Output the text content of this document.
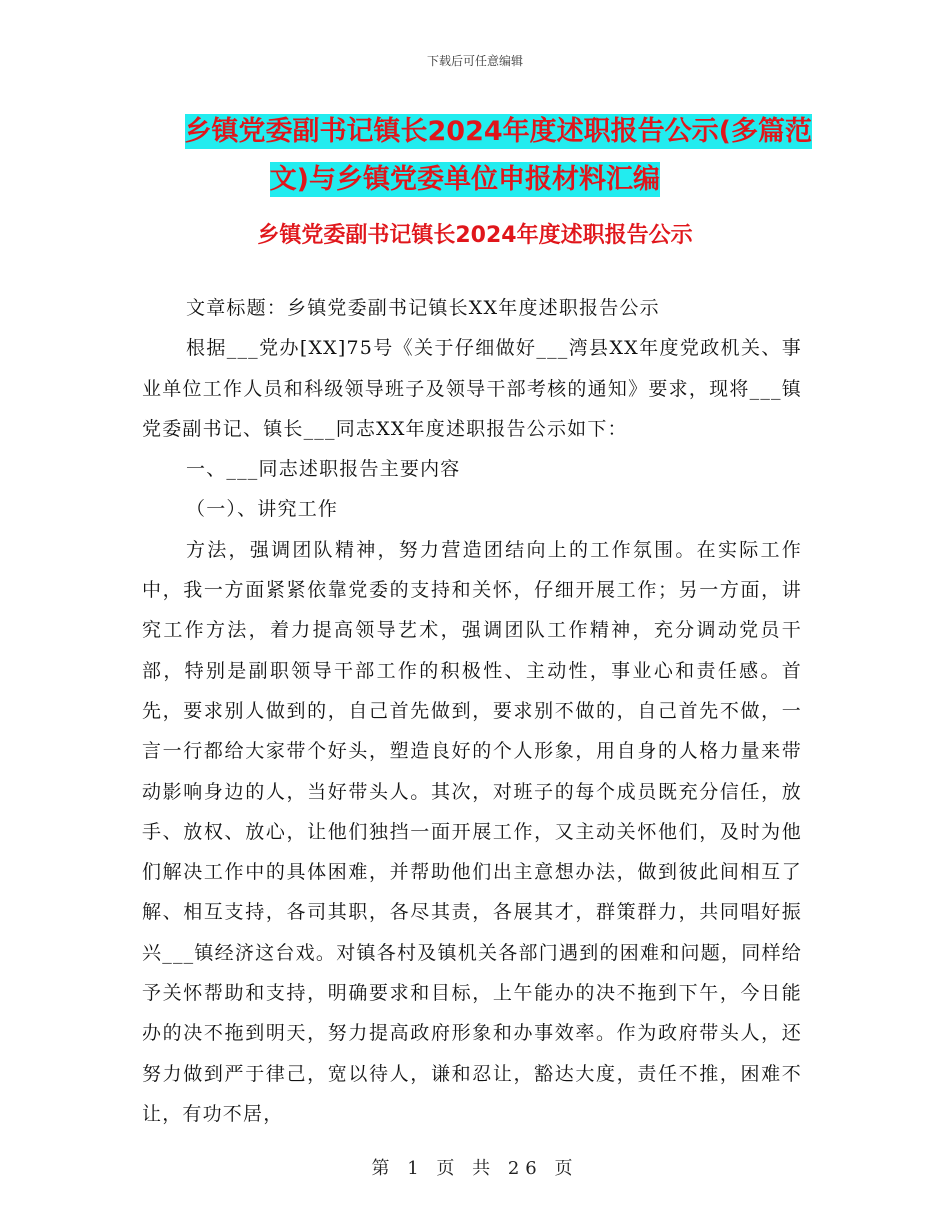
下载后可任意编辑
乡镇党委副书记镇长2024年度述职报告公示(多篇范
文)与乡镇党委单位申报材料汇编
乡镇党委副书记镇长2024年度述职报告公示

文章标题：乡镇党委副书记镇长XX年度述职报告公示

根据___党办[XX]75号《关于仔细做好___湾县XX年度党政机关、事业单位工作人员和科级领导班子及领导干部考核的通知》要求，现将___镇党委副书记、镇长___同志XX年度述职报告公示如下：

一、___同志述职报告主要内容

（一）、讲究工作

方法，强调团队精神，努力营造团结向上的工作氛围。在实际工作中，我一方面紧紧依靠党委的支持和关怀，仔细开展工作；另一方面，讲究工作方法，着力提高领导艺术，强调团队工作精神，充分调动党员干部，特别是副职领导干部工作的积极性、主动性，事业心和责任感。首先，要求别人做到的，自己首先做到，要求别不做的，自己首先不做，一言一行都给大家带个好头，塑造良好的个人形象，用自身的人格力量来带动影响身边的人，当好带头人。其次，对班子的每个成员既充分信任，放手、放权、放心，让他们独挡一面开展工作，又主动关怀他们，及时为他们解决工作中的具体困难，并帮助他们出主意想办法，做到彼此间相互了解、相互支持，各司其职，各尽其责，各展其才，群策群力，共同唱好振兴___镇经济这台戏。对镇各村及镇机关各部门遇到的困难和问题，同样给予关怀帮助和支持，明确要求和目标，上午能办的决不拖到下午，今日能办的决不拖到明天，努力提高政府形象和办事效率。作为政府带头人，还努力做到严于律己，宽以待人，谦和忍让，豁达大度，责任不推，困难不让，有功不居，

第 1 页 共 26 页
